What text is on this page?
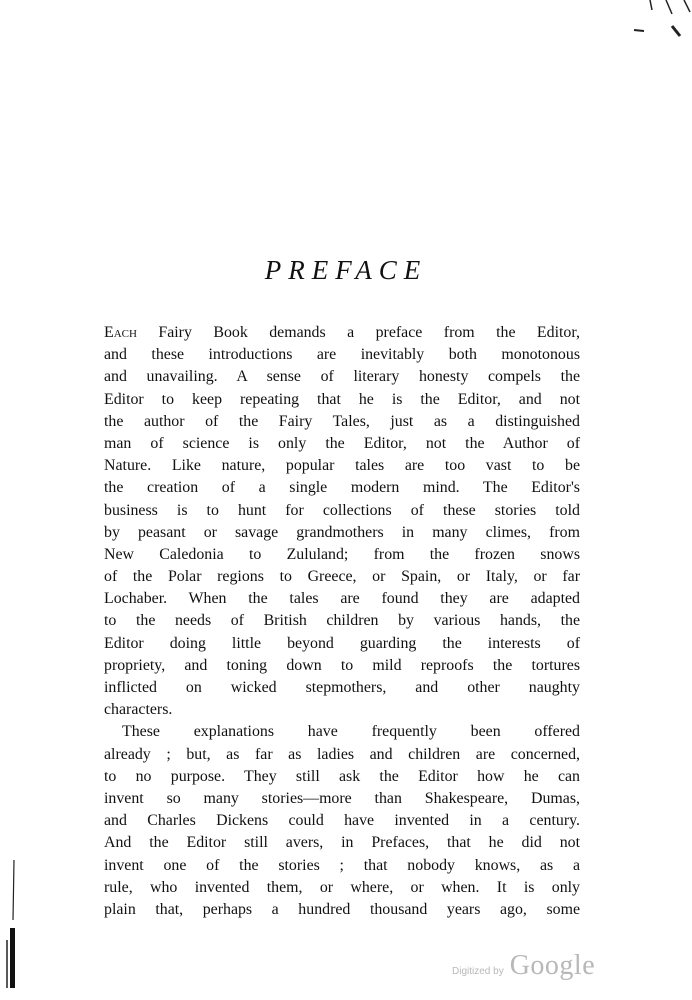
PREFACE
Each Fairy Book demands a preface from the Editor,
and these introductions are inevitably both monotonous
and unavailing. A sense of literary honesty compels the
Editor to keep repeating that he is the Editor, and not
the author of the Fairy Tales, just as a distinguished
man of science is only the Editor, not the Author of
Nature. Like nature, popular tales are too vast to be
the creation of a single modern mind. The Editor's
business is to hunt for collections of these stories told
by peasant or savage grandmothers in many climes, from
New Caledonia to Zululand; from the frozen snows
of the Polar regions to Greece, or Spain, or Italy, or far
Lochaber. When the tales are found they are adapted
to the needs of British children by various hands, the
Editor doing little beyond guarding the interests of
propriety, and toning down to mild reproofs the tortures
inflicted on wicked stepmothers, and other naughty
characters.
These explanations have frequently been offered
already ; but, as far as ladies and children are concerned,
to no purpose. They still ask the Editor how he can
invent so many stories—more than Shakespeare, Dumas,
and Charles Dickens could have invented in a century.
And the Editor still avers, in Prefaces, that he did not
invent one of the stories ; that nobody knows, as a
rule, who invented them, or where, or when. It is only
plain that, perhaps a hundred thousand years ago, some
Digitized by Google
